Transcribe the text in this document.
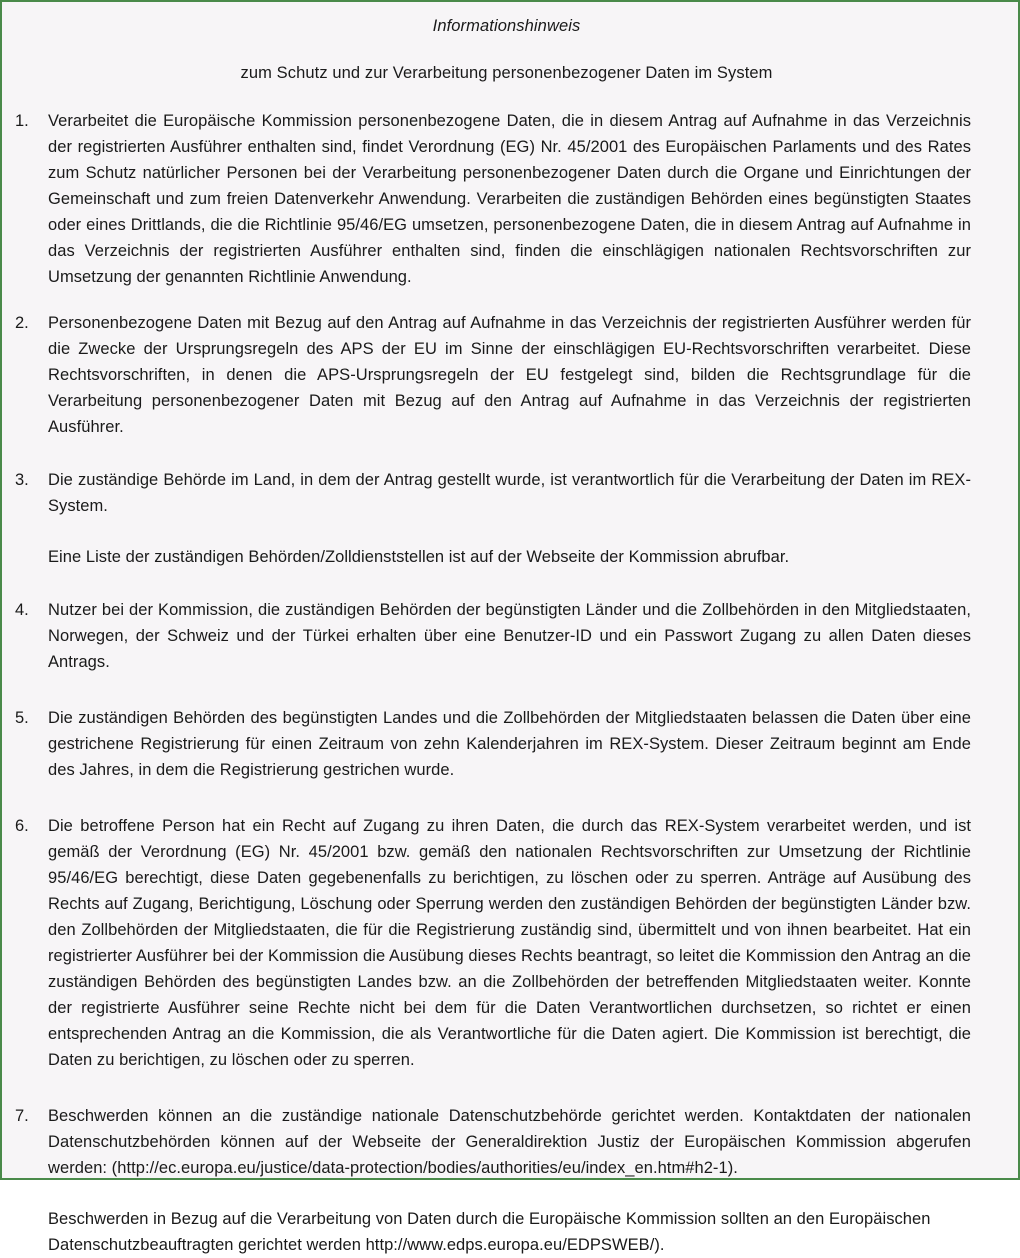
Informationshinweis
zum Schutz und zur Verarbeitung personenbezogener Daten im System
1.	Verarbeitet die Europäische Kommission personenbezogene Daten, die in diesem Antrag auf Aufnahme in das Verzeichnis der registrierten Ausführer enthalten sind, findet Verordnung (EG) Nr. 45/2001 des Europäischen Parlaments und des Rates zum Schutz natürlicher Personen bei der Verarbeitung personenbezogener Daten durch die Organe und Einrichtungen der Gemeinschaft und zum freien Datenverkehr Anwendung. Verarbeiten die zuständigen Behörden eines begünstigten Staates oder eines Drittlands, die die Richtlinie 95/46/EG umsetzen, personenbezogene Daten, die in diesem Antrag auf Aufnahme in das Verzeichnis der registrierten Ausführer enthalten sind, finden die einschlägigen nationalen Rechtsvorschriften zur Umsetzung der genannten Richtlinie Anwendung.
2.	Personenbezogene Daten mit Bezug auf den Antrag auf Aufnahme in das Verzeichnis der registrierten Ausführer werden für die Zwecke der Ursprungsregeln des APS der EU im Sinne der einschlägigen EU-Rechtsvorschriften verarbeitet. Diese Rechtsvorschriften, in denen die APS-Ursprungsregeln der EU festgelegt sind, bilden die Rechtsgrundlage für die Verarbeitung personenbezogener Daten mit Bezug auf den Antrag auf Aufnahme in das Verzeichnis der registrierten Ausführer.
3.	Die zuständige Behörde im Land, in dem der Antrag gestellt wurde, ist verantwortlich für die Verarbeitung der Daten im REX-System.
Eine Liste der zuständigen Behörden/Zolldienststellen ist auf der Webseite der Kommission abrufbar.
4.	Nutzer bei der Kommission, die zuständigen Behörden der begünstigten Länder und die Zollbehörden in den Mitgliedstaaten, Norwegen, der Schweiz und der Türkei erhalten über eine Benutzer-ID und ein Passwort Zugang zu allen Daten dieses Antrags.
5.	Die zuständigen Behörden des begünstigten Landes und die Zollbehörden der Mitgliedstaaten belassen die Daten über eine gestrichene Registrierung für einen Zeitraum von zehn Kalenderjahren im REX-System. Dieser Zeitraum beginnt am Ende des Jahres, in dem die Registrierung gestrichen wurde.
6.	Die betroffene Person hat ein Recht auf Zugang zu ihren Daten, die durch das REX-System verarbeitet werden, und ist gemäß der Verordnung (EG) Nr. 45/2001 bzw. gemäß den nationalen Rechtsvorschriften zur Umsetzung der Richtlinie 95/46/EG berechtigt, diese Daten gegebenenfalls zu berichtigen, zu löschen oder zu sperren. Anträge auf Ausübung des Rechts auf Zugang, Berichtigung, Löschung oder Sperrung werden den zuständigen Behörden der begünstigten Länder bzw. den Zollbehörden der Mitgliedstaaten, die für die Registrierung zuständig sind, übermittelt und von ihnen bearbeitet. Hat ein registrierter Ausführer bei der Kommission die Ausübung dieses Rechts beantragt, so leitet die Kommission den Antrag an die zuständigen Behörden des begünstigten Landes bzw. an die Zollbehörden der betreffenden Mitgliedstaaten weiter. Konnte der registrierte Ausführer seine Rechte nicht bei dem für die Daten Verantwortlichen durchsetzen, so richtet er einen entsprechenden Antrag an die Kommission, die als Verantwortliche für die Daten agiert. Die Kommission ist berechtigt, die Daten zu berichtigen, zu löschen oder zu sperren.
7.	Beschwerden können an die zuständige nationale Datenschutzbehörde gerichtet werden. Kontaktdaten der nationalen Datenschutzbehörden können auf der Webseite der Generaldirektion Justiz der Europäischen Kommission abgerufen werden: (http://ec.europa.eu/justice/data-protection/bodies/authorities/eu/index_en.htm#h2-1).
Beschwerden in Bezug auf die Verarbeitung von Daten durch die Europäische Kommission sollten an den Europäischen Datenschutzbeauftragten gerichtet werden http://www.edps.europa.eu/EDPSWEB/).
